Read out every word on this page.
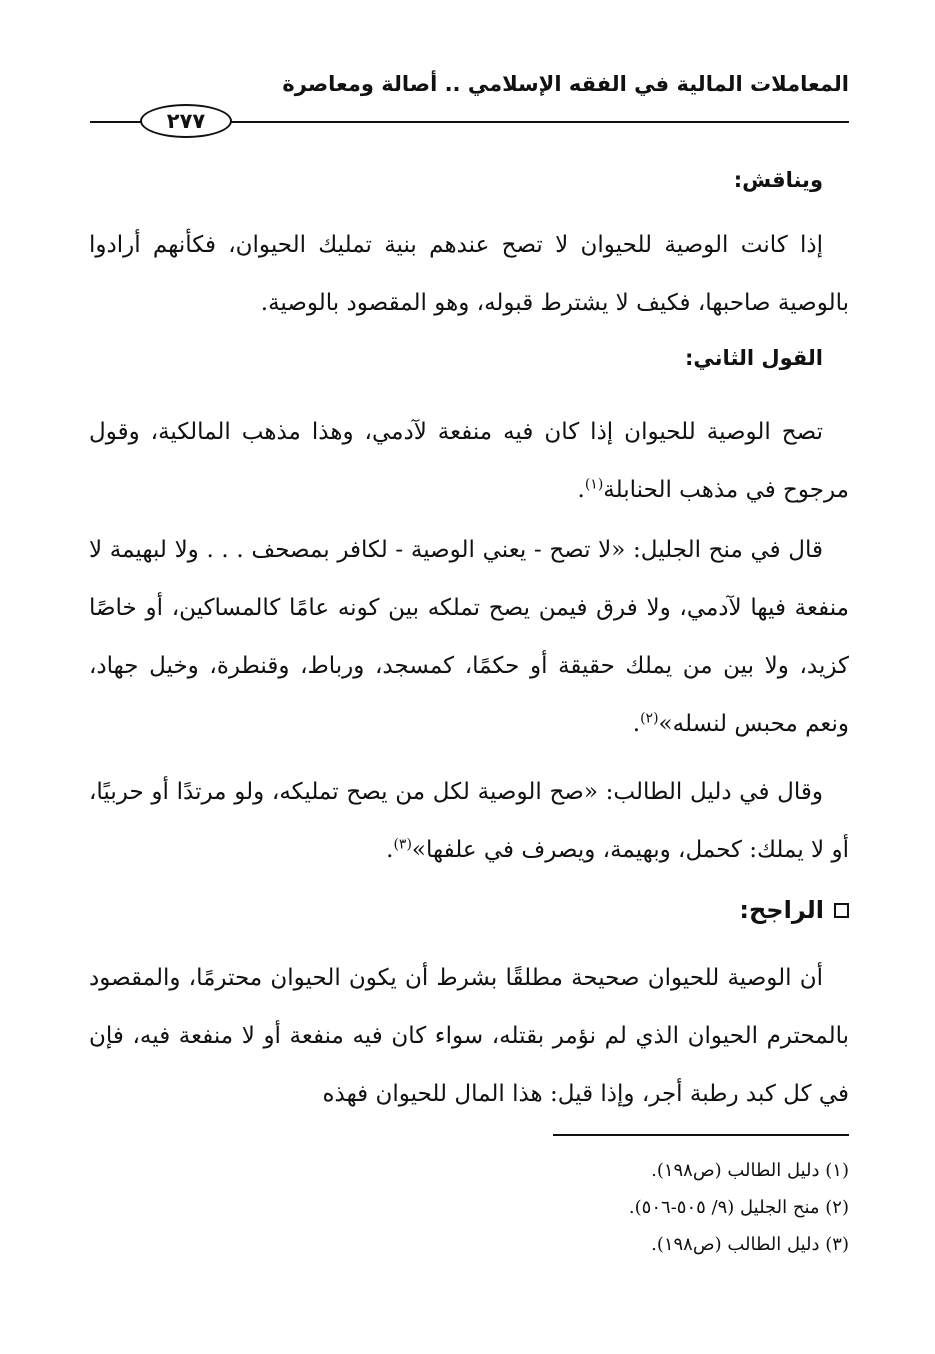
المعاملات المالية في الفقه الإسلامي .. أصالة ومعاصرة
٢٧٧
ويناقش:
إذا كانت الوصية للحيوان لا تصح عندهم بنية تمليك الحيوان، فكأنهم أرادوا بالوصية صاحبها، فكيف لا يشترط قبوله، وهو المقصود بالوصية.
القول الثاني:
تصح الوصية للحيوان إذا كان فيه منفعة لآدمي، وهذا مذهب المالكية، وقول مرجوح في مذهب الحنابلة$^{(١)}$.
قال في منح الجليل: «لا تصح - يعني الوصية - لكافر بمصحف . . . ولا لبهيمة لا منفعة فيها لآدمي، ولا فرق فيمن يصح تملكه بين كونه عامًا كالمساكين، أو خاصًا كزيد، ولا بين من يملك حقيقة أو حكمًا، كمسجد، ورباط، وقنطرة، وخيل جهاد، ونعم محبس لنسله»$^{(٢)}$.
وقال في دليل الطالب: «صح الوصية لكل من يصح تمليكه، ولو مرتدًا أو حربيًا، أو لا يملك: كحمل، وبهيمة، ويصرف في علفها»$^{(٣)}$.
الراجح:
أن الوصية للحيوان صحيحة مطلقًا بشرط أن يكون الحيوان محترمًا، والمقصود بالمحترم الحيوان الذي لم نؤمر بقتله، سواء كان فيه منفعة أو لا منفعة فيه، فإن في كل كبد رطبة أجر، وإذا قيل: هذا المال للحيوان فهذه
(١) دليل الطالب (ص١٩٨).
(٢) منح الجليل (٩/ ٥٠٥-٥٠٦).
(٣) دليل الطالب (ص١٩٨).
